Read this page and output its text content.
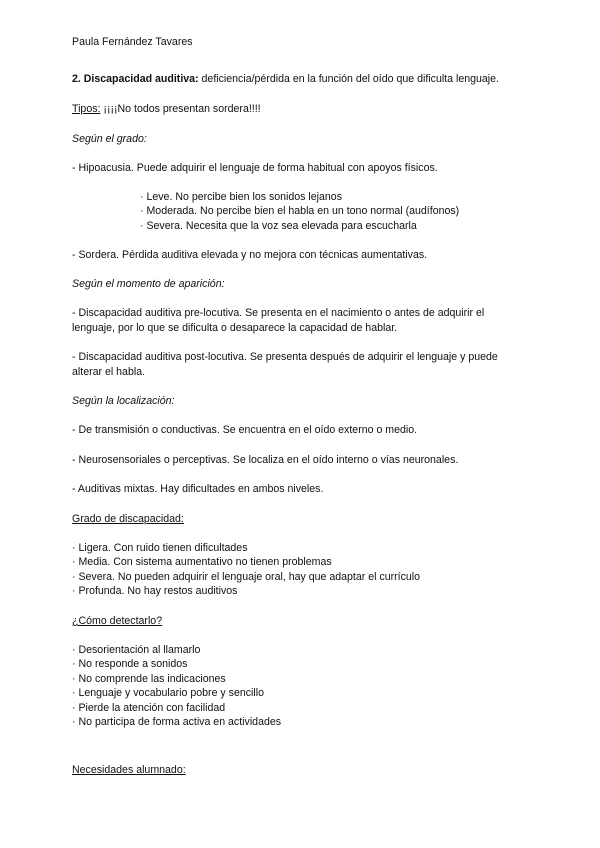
Paula Fernández Tavares
2. Discapacidad auditiva: deficiencia/pérdida en la función del oído que dificulta lenguaje.
Tipos: ¡¡¡¡No todos presentan sordera!!!!
Según el grado:
- Hipoacusia. Puede adquirir el lenguaje de forma habitual con apoyos físicos.
· Leve. No percibe bien los sonidos lejanos
· Moderada. No percibe bien el habla en un tono normal (audífonos)
· Severa. Necesita que la voz sea elevada para escucharla
- Sordera. Pérdida auditiva elevada y no mejora con técnicas aumentativas.
Según el momento de aparición:
- Discapacidad auditiva pre-locutiva. Se presenta en el nacimiento o antes de adquirir el
lenguaje, por lo que se dificulta o desaparece la capacidad de hablar.
- Discapacidad auditiva post-locutiva. Se presenta después de adquirir el lenguaje y puede
alterar el habla.
Según la localización:
- De transmisión o conductivas. Se encuentra en el oído externo o medio.
- Neurosensoriales o perceptivas. Se localiza en el oído interno o vías neuronales.
- Auditivas mixtas. Hay dificultades en ambos niveles.
Grado de discapacidad:
· Ligera. Con ruido tienen dificultades
· Media. Con sistema aumentativo no tienen problemas
· Severa. No pueden adquirir el lenguaje oral, hay que adaptar el currículo
· Profunda. No hay restos auditivos
¿Cómo detectarlo?
· Desorientación al llamarlo
· No responde a sonidos
· No comprende las indicaciones
· Lenguaje y vocabulario pobre y sencillo
· Pierde la atención con facilidad
· No participa de forma activa en actividades
Necesidades alumnado:
